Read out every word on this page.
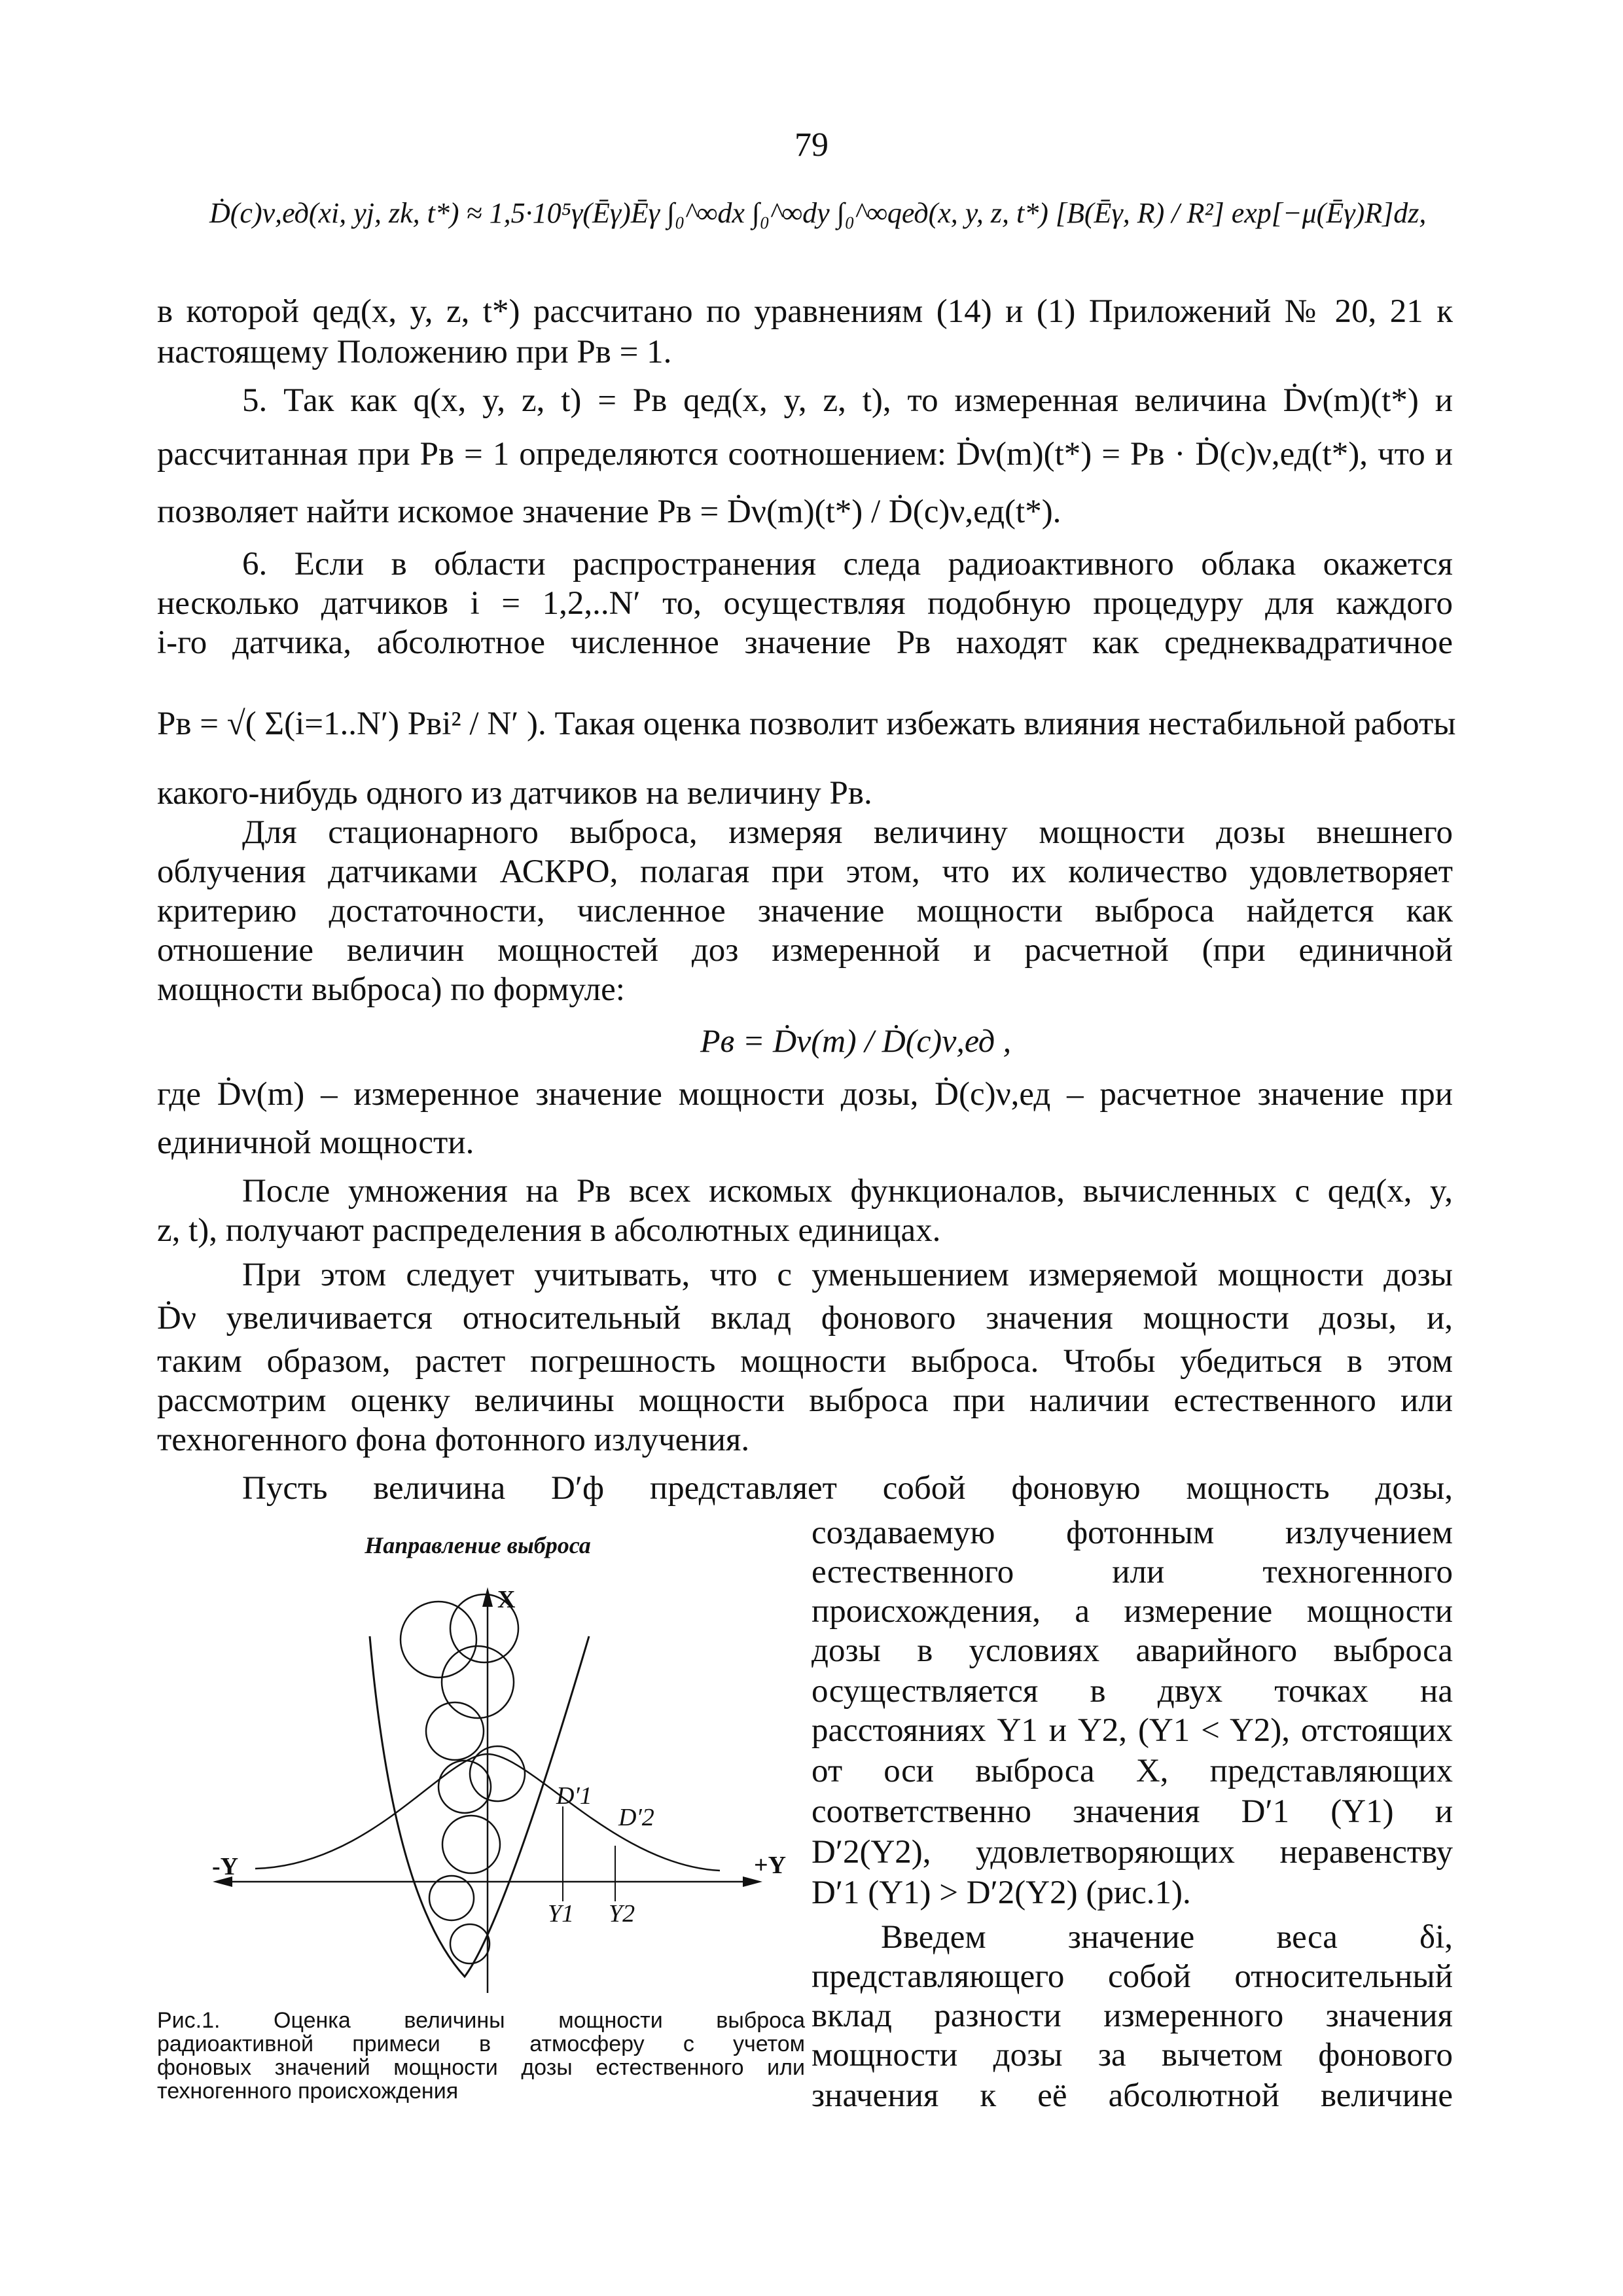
79
Ḋ(c)ν,ед(xi, yj, zk, t*) ≈ 1,5·10⁵γ(Ēγ)Ēγ ∫₀^∞dx ∫₀^∞dy ∫₀^∞qед(x, y, z, t*) [B(Ēγ, R) / R²] exp[−μ(Ēγ)R]dz,
в которой qед(x, y, z, t*) рассчитано по уравнениям (14) и (1) Приложений № 20, 21 к
настоящему Положению при Pв = 1.
5. Так как q(x, y, z, t) = Pв qед(x, y, z, t), то измеренная величина Ḋν(m)(t*) и
рассчитанная при Pв = 1 определяются соотношением: Ḋν(m)(t*) = Pв · Ḋ(c)ν,ед(t*), что и
позволяет найти искомое значение Pв = Ḋν(m)(t*) / Ḋ(c)ν,ед(t*).
6. Если в области распространения следа радиоактивного облака окажется
несколько датчиков i = 1,2,..N′ то, осуществляя подобную процедуру для каждого
i-го датчика, абсолютное численное значение Pв находят как среднеквадратичное
Pв = √( Σ(i=1..N′) Pвi² / N′ ). Такая оценка позволит избежать влияния нестабильной работы
какого-нибудь одного из датчиков на величину Pв.
Для стационарного выброса, измеряя величину мощности дозы внешнего
облучения датчиками АСКРО, полагая при этом, что их количество удовлетворяет
критерию достаточности, численное значение мощности выброса найдется как
отношение величин мощностей доз измеренной и расчетной (при единичной
мощности выброса) по формуле:
Pв = Ḋν(m) / Ḋ(c)ν,ед ,
где Ḋν(m) – измеренное значение мощности дозы, Ḋ(c)ν,ед – расчетное значение при
единичной мощности.
После умножения на Pв всех искомых функционалов, вычисленных с qед(x, y,
z, t), получают распределения в абсолютных единицах.
При этом следует учитывать, что с уменьшением измеряемой мощности дозы
Ḋν увеличивается относительный вклад фонового значения мощности дозы, и,
таким образом, растет погрешность мощности выброса. Чтобы убедиться в этом
рассмотрим оценку величины мощности выброса при наличии естественного или
техногенного фона фотонного излучения.
Пусть величина D′ф представляет собой фоновую мощность дозы,
создаваемую фотонным излучением
естественного или техногенного
происхождения, а измерение мощности
дозы в условиях аварийного выброса
осуществляется в двух точках на
расстояниях Y1 и Y2, (Y1 < Y2), отстоящих
от оси выброса X, представляющих
соответственно значения D′1 (Y1) и
D′2(Y2), удовлетворяющих неравенству
D′1 (Y1) > D′2(Y2) (рис.1).
Введем значение веса δi,
представляющего собой относительный
вклад разности измеренного значения
мощности дозы за вычетом фонового
значения к её абсолютной величине
Направление выброса
X
-Y	+Y
D′1
D′2
Y1 Y2
Рис.1. Оценка величины мощности выброса
радиоактивной примеси в атмосферу с учетом
фоновых значений мощности дозы естественного или
техногенного происхождения
